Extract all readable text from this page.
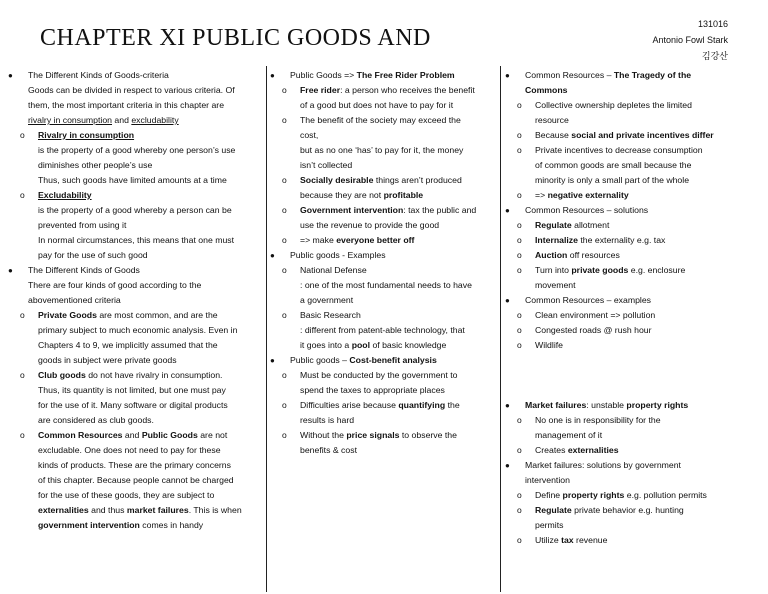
CHAPTER XI PUBLIC GOODS AND
131016
Antonio Fowl Stark
김강산
● The Different Kinds of Goods-criteria
Goods can be divided in respect to various criteria. Of
them, the most important criteria in this chapter are
rivalry in consumption and excludability
o Rivalry in consumption
is the property of a good whereby one person’s use
diminishes other people’s use
Thus, such goods have limited amounts at a time
o Excludability
is the property of a good whereby a person can be
prevented from using it
In normal circumstances, this means that one must
pay for the use of such good
● The Different Kinds of Goods
There are four kinds of good according to the
abovementioned criteria
o Private Goods are most common, and are the
primary subject to much economic analysis. Even in
Chapters 4 to 9, we implicitly assumed that the
goods in subject were private goods
o Club goods do not have rivalry in consumption.
Thus, its quantity is not limited, but one must pay
for the use of it. Many software or digital products
are considered as club goods.
o Common Resources and Public Goods are not
excludable. One does not need to pay for these
kinds of products. These are the primary concerns
of this chapter. Because people cannot be charged
for the use of these goods, they are subject to
externalities and thus market failures. This is when
government intervention comes in handy
● Public Goods => The Free Rider Problem
o Free rider: a person who receives the benefit
of a good but does not have to pay for it
o The benefit of the society may exceed the
cost,
but as no one ‘has’ to pay for it, the money
isn’t collected
o Socially desirable things aren’t produced
because they are not profitable
o Government intervention: tax the public and
use the revenue to provide the good
o => make everyone better off
● Public goods - Examples
o National Defense
: one of the most fundamental needs to have
a government
o Basic Research
: different from patent-able technology, that
it goes into a pool of basic knowledge
● Public goods – Cost-benefit analysis
o Must be conducted by the government to
spend the taxes to appropriate places
o Difficulties arise because quantifying the
results is hard
o Without the price signals to observe the
benefits & cost
● Common Resources – The Tragedy of the
Commons
o Collective ownership depletes the limited
resource
o Because social and private incentives differ
o Private incentives to decrease consumption
of common goods are small because the
minority is only a small part of the whole
o => negative externality
● Common Resources – solutions
o Regulate allotment
o Internalize the externality e.g. tax
o Auction off resources
o Turn into private goods e.g. enclosure
movement
● Common Resources – examples
o Clean environment => pollution
o Congested roads @ rush hour
o Wildlife
● Market failures: unstable property rights
o No one is in responsibility for the
management of it
o Creates externalities
● Market failures: solutions by government
intervention
o Define property rights e.g. pollution permits
o Regulate private behavior e.g. hunting
permits
o Utilize tax revenue
